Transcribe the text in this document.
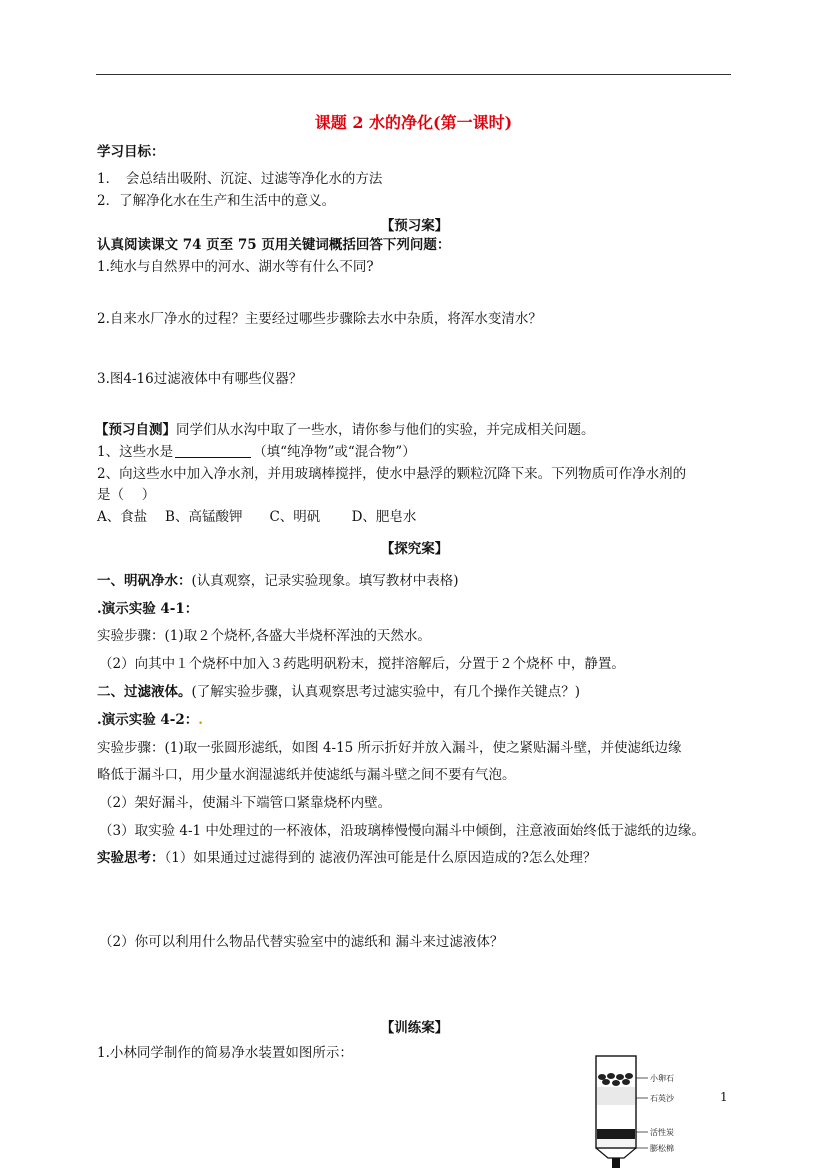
课题 2 水的净化(第一课时)
学习目标：
1．　会总结出吸附、沉淀、过滤等净化水的方法
2．了解净化水在生产和生活中的意义。
【预习案】
认真阅读课文 74 页至 75 页用关键词概括回答下列问题：
1.纯水与自然界中的河水、湖水等有什么不同?
2.自来水厂净水的过程？主要经过哪些步骤除去水中杂质，将浑水变清水？
3.图4-16过滤液体中有哪些仪器？
【预习自测】同学们从水沟中取了一些水，请你参与他们的实验，并完成相关问题。
1、这些水是	（填“纯净物”或“混合物”）
2、向这些水中加入净水剂，并用玻璃棒搅拌，使水中悬浮的颗粒沉降下来。下列物质可作净水剂的
是（　 ）
A、食盐　 B、高锰酸钾　　C、明矾　　 D、肥皂水
【探究案】
一、明矾净水：(认真观察，记录实验现象。填写教材中表格)
.演示实验 4-1：
实验步骤：(1)取２个烧杯,各盛大半烧杯浑浊的天然水。
（2）向其中１个烧杯中加入３药匙明矾粉末，搅拌溶解后，分置于２个烧杯 中，静置。
二、过滤液体。(了解实验步骤，认真观察思考过滤实验中，有几个操作关键点？)
.演示实验 4-2：.
实验步骤：(1)取一张圆形滤纸，如图 4-15 所示折好并放入漏斗，使之紧贴漏斗壁，并使滤纸边缘
略低于漏斗口，用少量水润湿滤纸并使滤纸与漏斗壁之间不要有气泡。
（2）架好漏斗，使漏斗下端管口紧靠烧杯内壁。
（3）取实验 4-1 中处理过的一杯液体，沿玻璃棒慢慢向漏斗中倾倒，注意液面始终低于滤纸的边缘。
实验思考：（1）如果通过过滤得到的 滤液仍浑浊可能是什么原因造成的?怎么处理？
（2）你可以利用什么物品代替实验室中的滤纸和 漏斗来过滤液体？
【训练案】
1.小林同学制作的简易净水装置如图所示：
小卵石
石英沙
活性炭
膨松棉
1
